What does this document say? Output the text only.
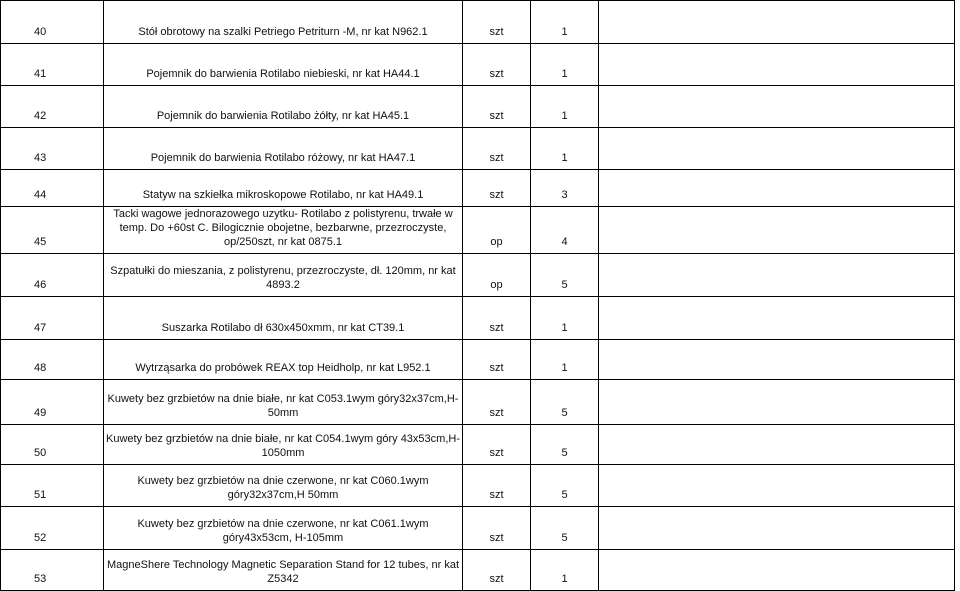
40	Stół obrotowy na szalki Petriego Petriturn -M, nr kat N962.1	szt	1	

41	Pojemnik do barwienia Rotilabo niebieski, nr kat HA44.1	szt	1	

42	Pojemnik do barwienia Rotilabo żółty, nr kat HA45.1	szt	1	

43	Pojemnik do barwienia Rotilabo różowy, nr kat HA47.1	szt	1	

44	Statyw na szkiełka mikroskopowe Rotilabo, nr kat HA49.1	szt	3	

45	Tacki wagowe jednorazowego uzytku- Rotilabo z polistyrenu, trwałe w temp. Do +60st C. Bilogicznie obojetne, bezbarwne, przezroczyste, op/250szt, nr kat 0875.1	op	4	

46	Szpatułki do mieszania, z polistyrenu, przezroczyste, dł. 120mm, nr kat 4893.2	op	5	

47	Suszarka Rotilabo dł 630x450xmm, nr kat CT39.1	szt	1	

48	Wytrząsarka do probówek REAX top Heidholp, nr kat L952.1	szt	1	

49	Kuwety bez grzbietów na dnie białe, nr kat C053.1wym góry32x37cm,H-50mm	szt	5	

50	Kuwety bez grzbietów na dnie białe, nr kat C054.1wym góry 43x53cm,H-1050mm	szt	5	

51	Kuwety bez grzbietów na dnie czerwone, nr kat C060.1wym góry32x37cm,H 50mm	szt	5	

52	Kuwety bez grzbietów na dnie czerwone, nr kat C061.1wym góry43x53cm, H-105mm	szt	5	

53	MagneShere Technology Magnetic Separation Stand for 12 tubes, nr kat Z5342	szt	1	
